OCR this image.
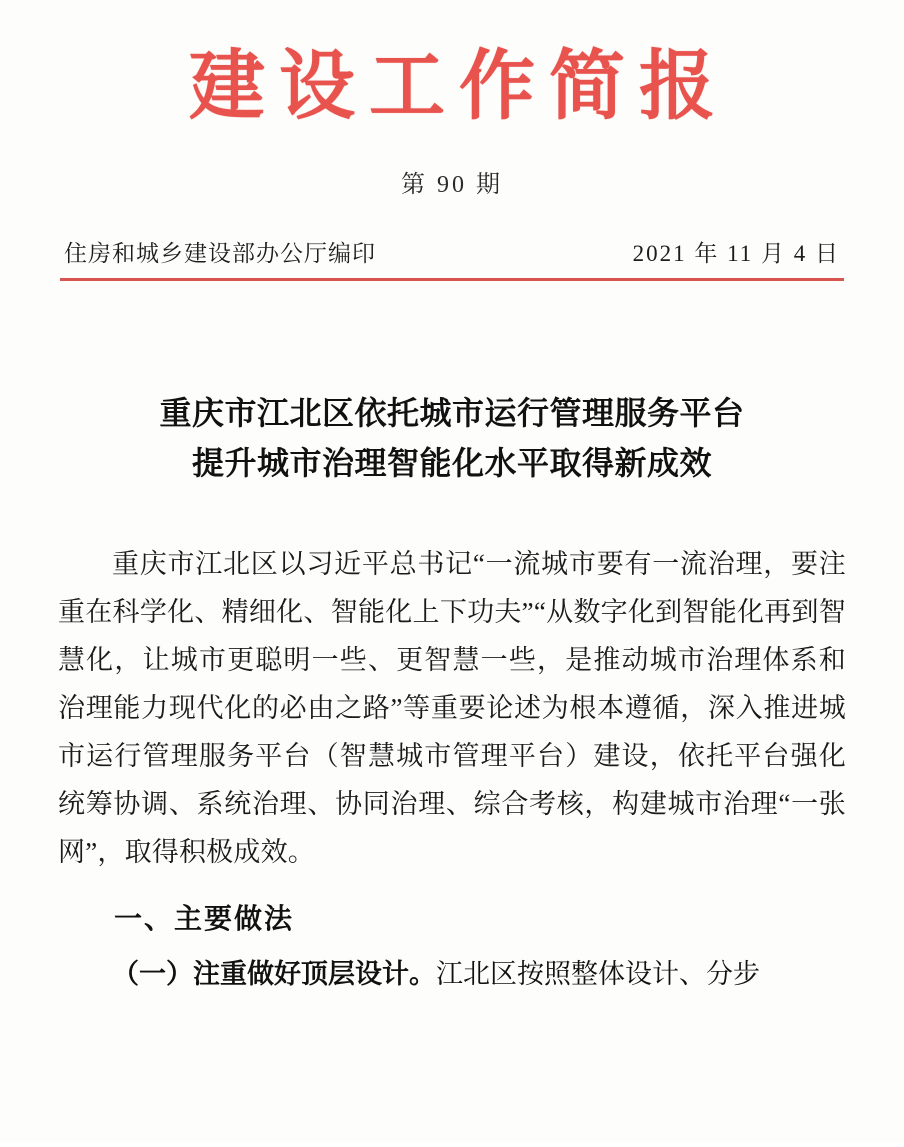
建设工作简报
第 90 期
住房和城乡建设部办公厅编印	2021 年 11 月 4 日
重庆市江北区依托城市运行管理服务平台
提升城市治理智能化水平取得新成效

重庆市江北区以习近平总书记“一流城市要有一流治理，要注重在科学化、精细化、智能化上下功夫”“从数字化到智能化再到智慧化，让城市更聪明一些、更智慧一些，是推动城市治理体系和治理能力现代化的必由之路”等重要论述为根本遵循，深入推进城市运行管理服务平台（智慧城市管理平台）建设，依托平台强化统筹协调、系统治理、协同治理、综合考核，构建城市治理“一张网”，取得积极成效。

一、主要做法
（一）注重做好顶层设计。江北区按照整体设计、分步
